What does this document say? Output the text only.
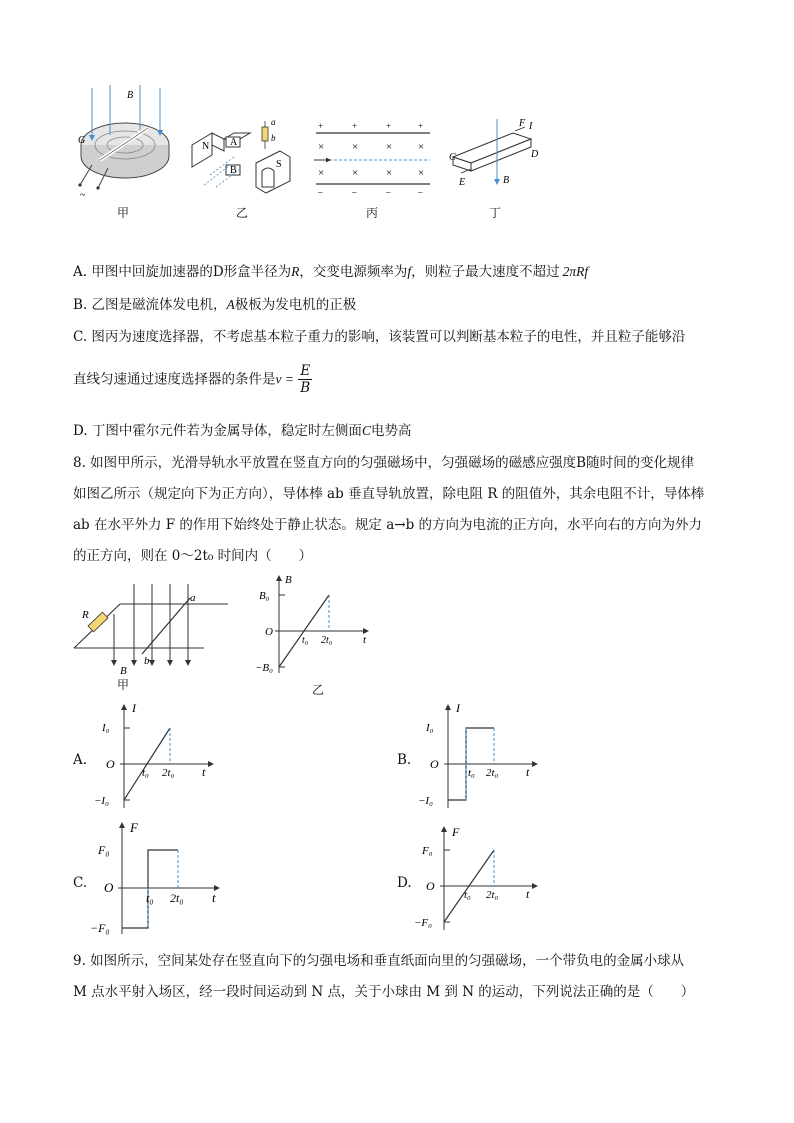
B
G
~
甲
N A
B
S
a
b
乙
+	+	+	+
×	×	× ×
×	×	× ×
–	–	–	–
丙
F I
C	D
E	B
丁
A. 甲图中回旋加速器的D形盒半径为R，交变电源频率为f，则粒子最大速度不超过 2πRf
B. 乙图是磁流体发电机，A极板为发电机的正极
C. 图丙为速度选择器，不考虑基本粒子重力的影响，该装置可以判断基本粒子的电性，并且粒子能够沿
直线匀速通过速度选择器的条件是$v = \frac{E}{B}$
D. 丁图中霍尔元件若为金属导体，稳定时左侧面C电势高
8. 如图甲所示，光滑导轨水平放置在竖直方向的匀强磁场中，匀强磁场的磁感应强度B随时间的变化规律
如图乙所示（规定向下为正方向），导体棒 ab 垂直导轨放置，除电阻 R 的阻值外，其余电阻不计，导体棒
ab 在水平外力 F 的作用下始终处于静止状态。规定 a→b 的方向为电流的正方向，水平向右的方向为外力
的正方向，则在 0～2t₀ 时间内（　　）
R
a
b
B
甲
B
B₀
−B₀
O
t₀ 2t₀	t
乙
A.
I
I₀
−I₀
O
t₀ 2t₀ t
B.
I
I₀
−I₀
O
t₀ 2t₀ t
C.
F
F₀
−F₀
O
t₀ 2t₀ t
D.
F
F₀
−F₀
O
t₀ 2t₀ t
9. 如图所示，空间某处存在竖直向下的匀强电场和垂直纸面向里的匀强磁场，一个带负电的金属小球从
M 点水平射入场区，经一段时间运动到 N 点，关于小球由 M 到 N 的运动，下列说法正确的是（　　）
